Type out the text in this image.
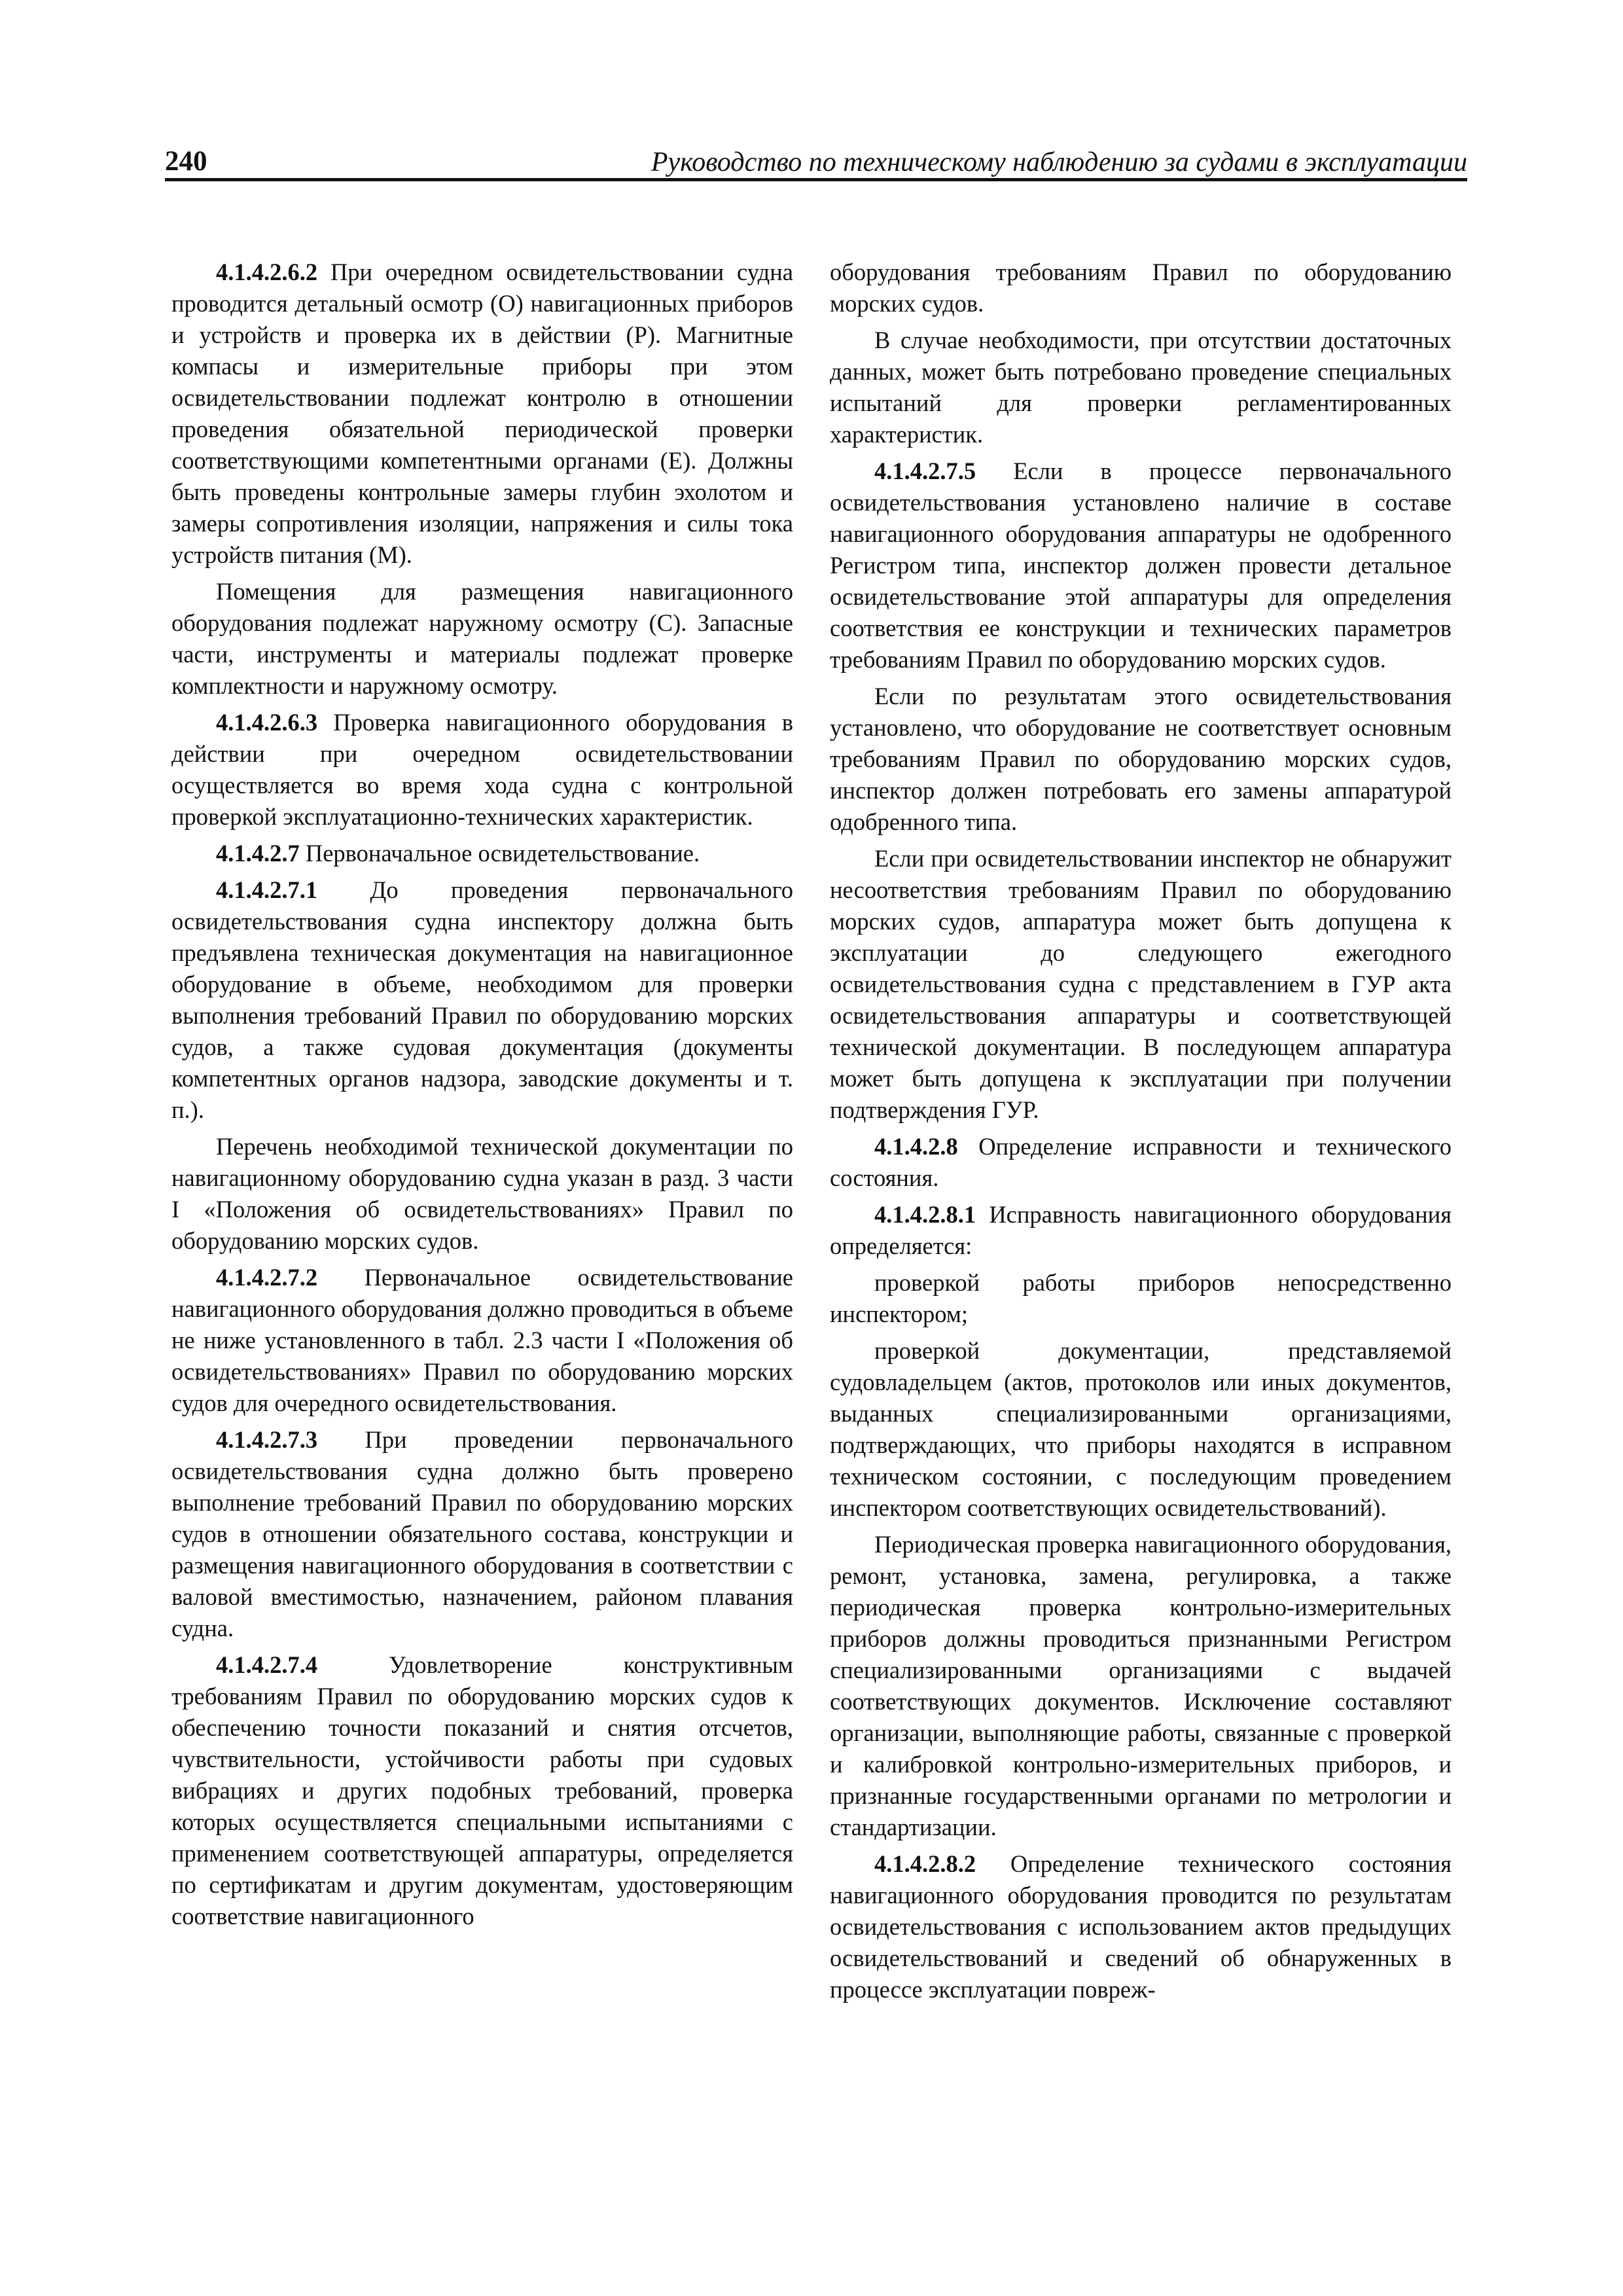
240	Руководство по техническому наблюдению за судами в эксплуатации

4.1.4.2.6.2 При очередном освидетельствовании судна проводится детальный осмотр (О) навигационных приборов и устройств и проверка их в действии (Р). Магнитные компасы и измерительные приборы при этом освидетельствовании подлежат контролю в отношении проведения обязательной периодической проверки соответствующими компетентными органами (Е). Должны быть проведены контрольные замеры глубин эхолотом и замеры сопротивления изоляции, напряжения и силы тока устройств питания (М).

Помещения для размещения навигационного оборудования подлежат наружному осмотру (С). Запасные части, инструменты и материалы подлежат проверке комплектности и наружному осмотру.

4.1.4.2.6.3 Проверка навигационного оборудования в действии при очередном освидетельствовании осуществляется во время хода судна с контрольной проверкой эксплуатационно-технических характеристик.

4.1.4.2.7 Первоначальное освидетельствование.

4.1.4.2.7.1 До проведения первоначального освидетельствования судна инспектору должна быть предъявлена техническая документация на навигационное оборудование в объеме, необходимом для проверки выполнения требований Правил по оборудованию морских судов, а также судовая документация (документы компетентных органов надзора, заводские документы и т. п.).

Перечень необходимой технической документации по навигационному оборудованию судна указан в разд. 3 части I «Положения об освидетельствованиях» Правил по оборудованию морских судов.

4.1.4.2.7.2 Первоначальное освидетельствование навигационного оборудования должно проводиться в объеме не ниже установленного в табл. 2.3 части I «Положения об освидетельствованиях» Правил по оборудованию морских судов для очередного освидетельствования.

4.1.4.2.7.3 При проведении первоначального освидетельствования судна должно быть проверено выполнение требований Правил по оборудованию морских судов в отношении обязательного состава, конструкции и размещения навигационного оборудования в соответствии с валовой вместимостью, назначением, районом плавания судна.

4.1.4.2.7.4	Удовлетворение конструктивным требованиям Правил по оборудованию морских судов к обеспечению точности показаний и снятия отсчетов, чувствительности, устойчивости работы при судовых вибрациях и других подобных требований, проверка которых осуществляется специальными испытаниями с применением соответствующей аппаратуры, определяется по сертификатам и другим документам, удостоверяющим соответствие навигационного

оборудования требованиям Правил по оборудованию морских судов.

В случае необходимости, при отсутствии достаточных данных, может быть потребовано проведение специальных испытаний для проверки регламентированных характеристик.

4.1.4.2.7.5 Если в процессе первоначального освидетельствования установлено наличие в составе навигационного оборудования аппаратуры не одобренного Регистром типа, инспектор должен провести детальное освидетельствование этой аппаратуры для определения соответствия ее конструкции и технических параметров требованиям Правил по оборудованию морских судов.

Если по результатам этого освидетельствования установлено, что оборудование не соответствует основным требованиям Правил по оборудованию морских судов, инспектор должен потребовать его замены аппаратурой одобренного типа.

Если при освидетельствовании инспектор не обнаружит несоответствия требованиям Правил по оборудованию морских судов, аппаратура может быть допущена к эксплуатации до следующего ежегодного освидетельствования судна с представлением в ГУР акта освидетельствования аппаратуры и соответствующей технической документации. В последующем аппаратура может быть допущена к эксплуатации при получении подтверждения ГУР.

4.1.4.2.8 Определение исправности и технического состояния.

4.1.4.2.8.1 Исправность навигационного оборудования определяется:

проверкой работы приборов непосредственно инспектором;

проверкой документации, представляемой судовладельцем (актов, протоколов или иных документов, выданных специализированными организациями, подтверждающих, что приборы находятся в исправном техническом состоянии, с последующим проведением инспектором соответствующих освидетельствований).

Периодическая проверка навигационного оборудования, ремонт, установка, замена, регулировка, а также периодическая проверка контрольно-измерительных приборов должны проводиться признанными Регистром специализированными организациями с выдачей соответствующих документов. Исключение составляют организации, выполняющие работы, связанные с проверкой и калибровкой контрольно-измерительных приборов, и признанные государственными органами по метрологии и стандартизации.

4.1.4.2.8.2 Определение технического состояния навигационного оборудования проводится по результатам освидетельствования с использованием актов предыдущих освидетельствований и сведений об обнаруженных в процессе эксплуатации повреж-
